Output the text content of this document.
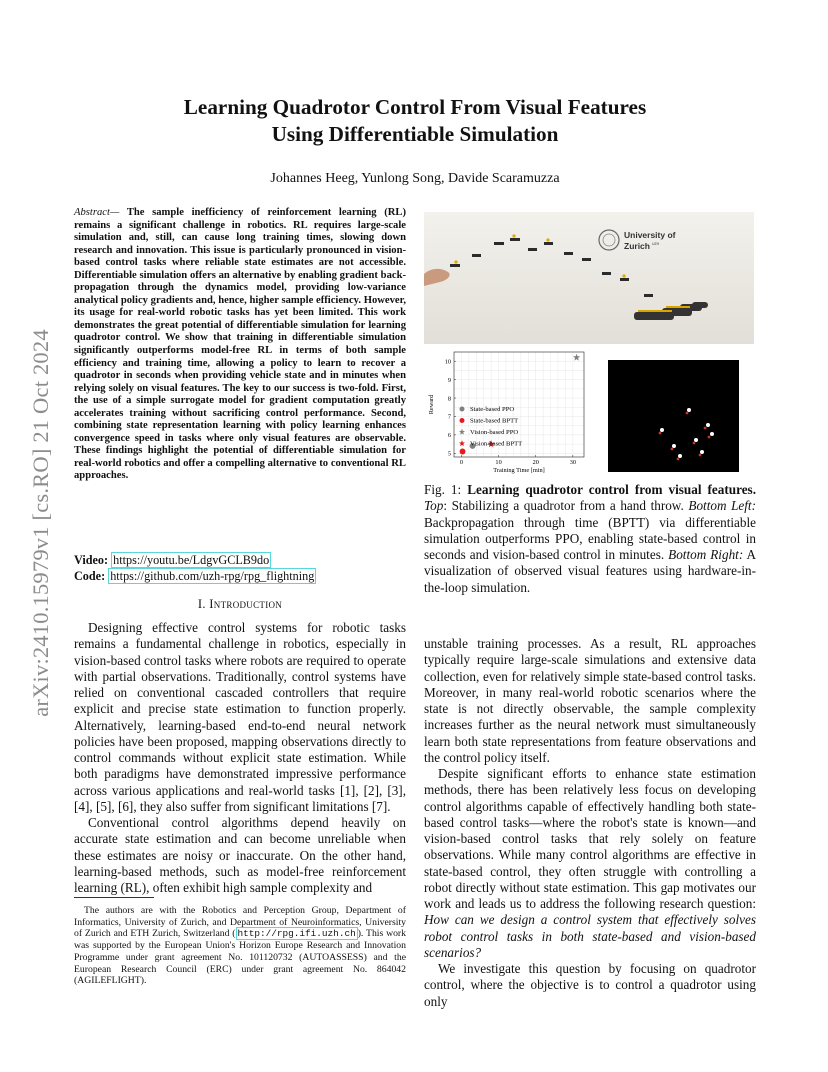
arXiv:2410.15979v1 [cs.RO] 21 Oct 2024
Learning Quadrotor Control From Visual Features
Using Differentiable Simulation
Johannes Heeg, Yunlong Song, Davide Scaramuzza
Abstract— The sample inefficiency of reinforcement learning (RL) remains a significant challenge in robotics. RL requires large-scale simulation and, still, can cause long training times, slowing down research and innovation. This issue is particularly pronounced in vision-based control tasks where reliable state estimates are not accessible. Differentiable simulation offers an alternative by enabling gradient back-propagation through the dynamics model, providing low-variance analytical policy gradients and, hence, higher sample efficiency. However, its usage for real-world robotic tasks has yet been limited. This work demonstrates the great potential of differentiable simulation for learning quadrotor control. We show that training in differentiable simulation significantly outperforms model-free RL in terms of both sample efficiency and training time, allowing a policy to learn to recover a quadrotor in seconds when providing vehicle state and in minutes when relying solely on visual features. The key to our success is two-fold. First, the use of a simple surrogate model for gradient computation greatly accelerates training without sacrificing control performance. Second, combining state representation learning with policy learning enhances convergence speed in tasks where only visual features are observable. These findings highlight the potential of differentiable simulation for real-world robotics and offer a compelling alternative to conventional RL approaches.
Video: https://youtu.be/LdgvGCLB9do
Code: https://github.com/uzh-rpg/rpg_flightning
I. Introduction

Designing effective control systems for robotic tasks remains a fundamental challenge in robotics, especially in vision-based control tasks where robots are required to operate with partial observations. Traditionally, control systems have relied on conventional cascaded controllers that require explicit and precise state estimation to function properly. Alternatively, learning-based end-to-end neural network policies have been proposed, mapping observations directly to control commands without explicit state estimation. While both paradigms have demonstrated impressive performance across various applications and real-world tasks [1], [2], [3], [4], [5], [6], they also suffer from significant limitations [7].

Conventional control algorithms depend heavily on accurate state estimation and can become unreliable when these estimates are noisy or inaccurate. On the other hand, learning-based methods, such as model-free reinforcement learning (RL), often exhibit high sample complexity and

The authors are with the Robotics and Perception Group, Department of Informatics, University of Zurich, and Department of Neuroinformatics, University of Zurich and ETH Zurich, Switzerland ( http://rpg.ifi.uzh.ch ). This work was supported by the European Union's Horizon Europe Research and Innovation Programme under grant agreement No. 101120732 (AUTOASSESS) and the European Research Council (ERC) under grant agreement No. 864042 (AGILEFLIGHT).

University of
Zurich UZH
0	10	20	30
5
6
7
8
9
10
Training Time [min]
Reward	State-based PPO
State-based BPTT
Vision-based PPO
Vision-based BPTT
Fig. 1: Learning quadrotor control from visual features. Top: Stabilizing a quadrotor from a hand throw. Bottom Left: Backpropagation through time (BPTT) via differentiable simulation outperforms PPO, enabling state-based control in seconds and vision-based control in minutes. Bottom Right: A visualization of observed visual features using hardware-in-the-loop simulation.

unstable training processes. As a result, RL approaches typically require large-scale simulations and extensive data collection, even for relatively simple state-based control tasks. Moreover, in many real-world robotic scenarios where the state is not directly observable, the sample complexity increases further as the neural network must simultaneously learn both state representations from feature observations and the control policy itself.

Despite significant efforts to enhance state estimation methods, there has been relatively less focus on developing control algorithms capable of effectively handling both state-based control tasks—where the robot's state is known—and vision-based control tasks that rely solely on feature observations. While many control algorithms are effective in state-based control, they often struggle with controlling a robot directly without state estimation. This gap motivates our work and leads us to address the following research question: How can we design a control system that effectively solves robot control tasks in both state-based and vision-based scenarios?

We investigate this question by focusing on quadrotor control, where the objective is to control a quadrotor using only
